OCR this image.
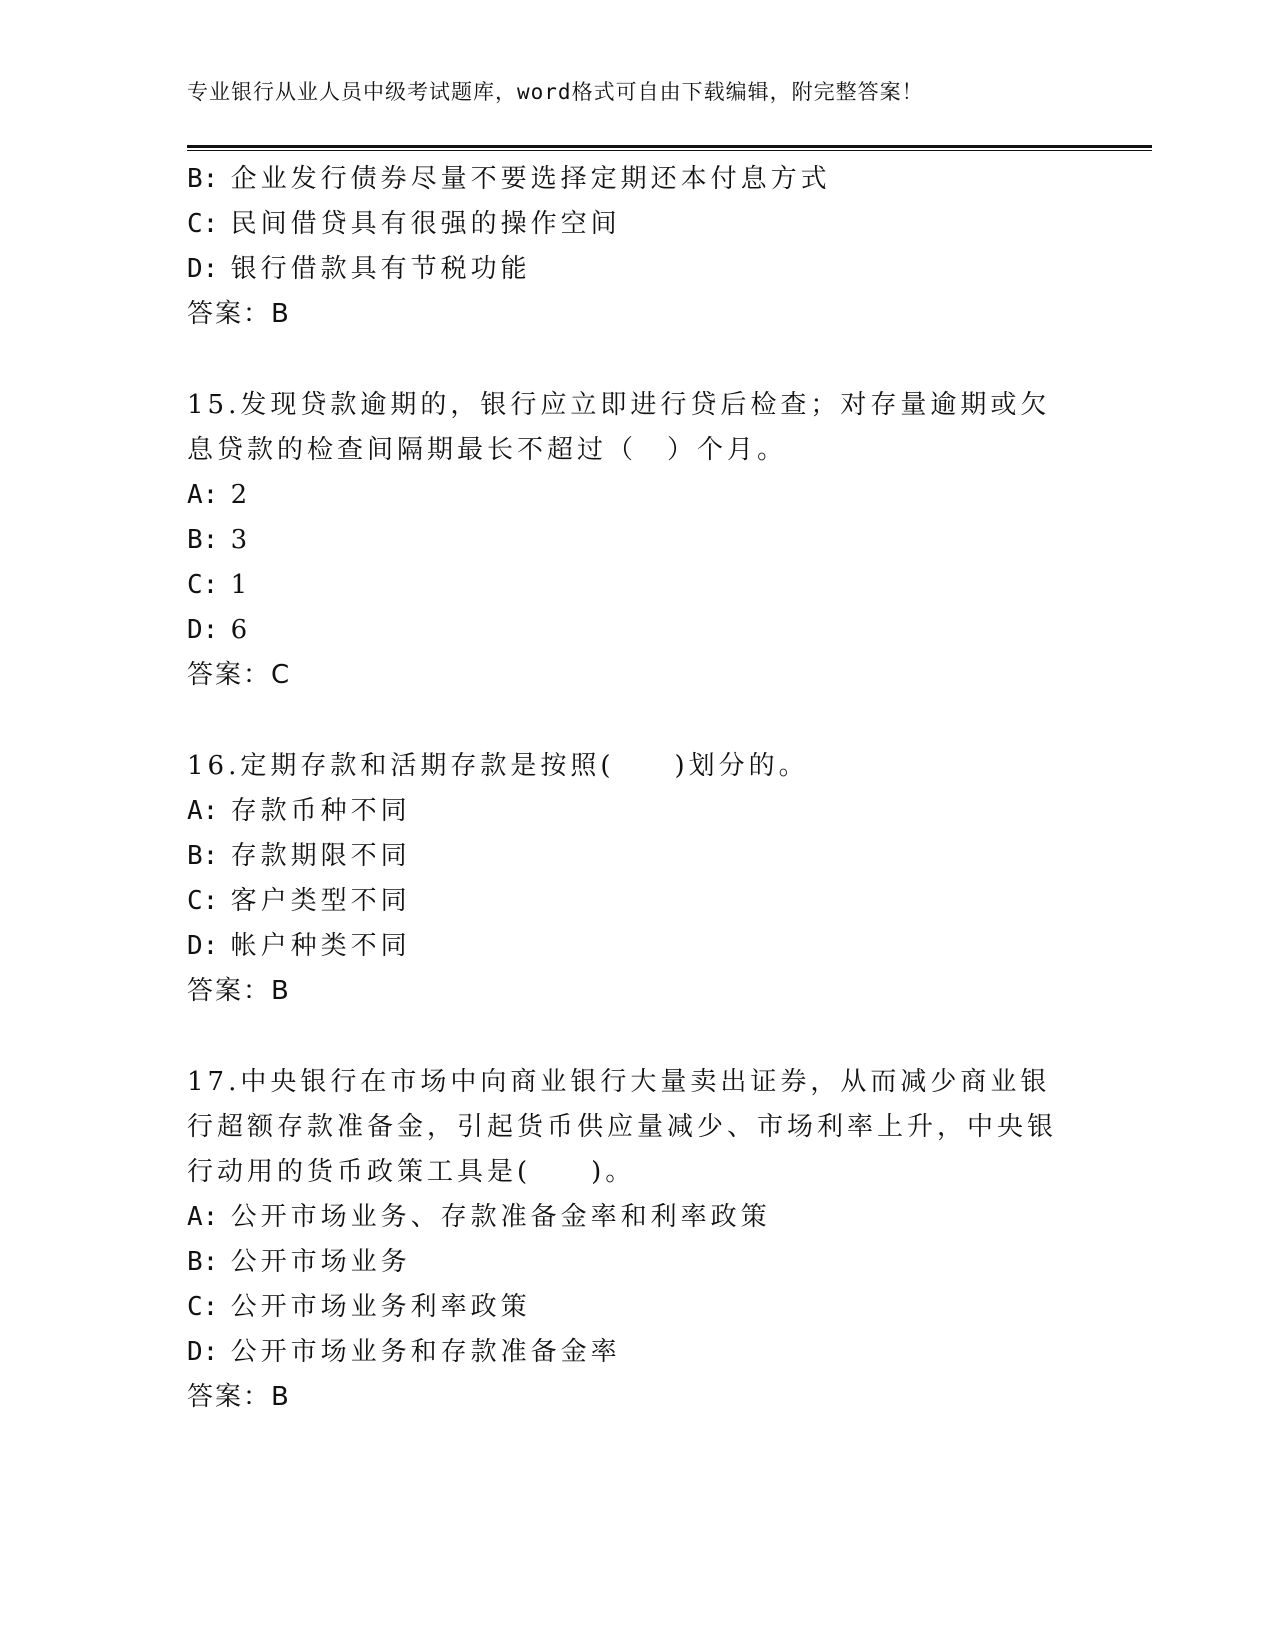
专业银行从业人员中级考试题库，word格式可自由下载编辑，附完整答案！
B: 企业发行债券尽量不要选择定期还本付息方式
C: 民间借贷具有很强的操作空间
D: 银行借款具有节税功能
答案：B
15.发现贷款逾期的，银行应立即进行贷后检查；对存量逾期或欠息贷款的检查间隔期最长不超过（　）个月。
A: 2
B: 3
C: 1
D: 6
答案：C
16.定期存款和活期存款是按照(　　)划分的。
A: 存款币种不同
B: 存款期限不同
C: 客户类型不同
D: 帐户种类不同
答案：B
17.中央银行在市场中向商业银行大量卖出证券，从而减少商业银行超额存款准备金，引起货币供应量减少、市场利率上升，中央银行动用的货币政策工具是(　　)。
A: 公开市场业务、存款准备金率和利率政策
B: 公开市场业务
C: 公开市场业务利率政策
D: 公开市场业务和存款准备金率
答案：B
